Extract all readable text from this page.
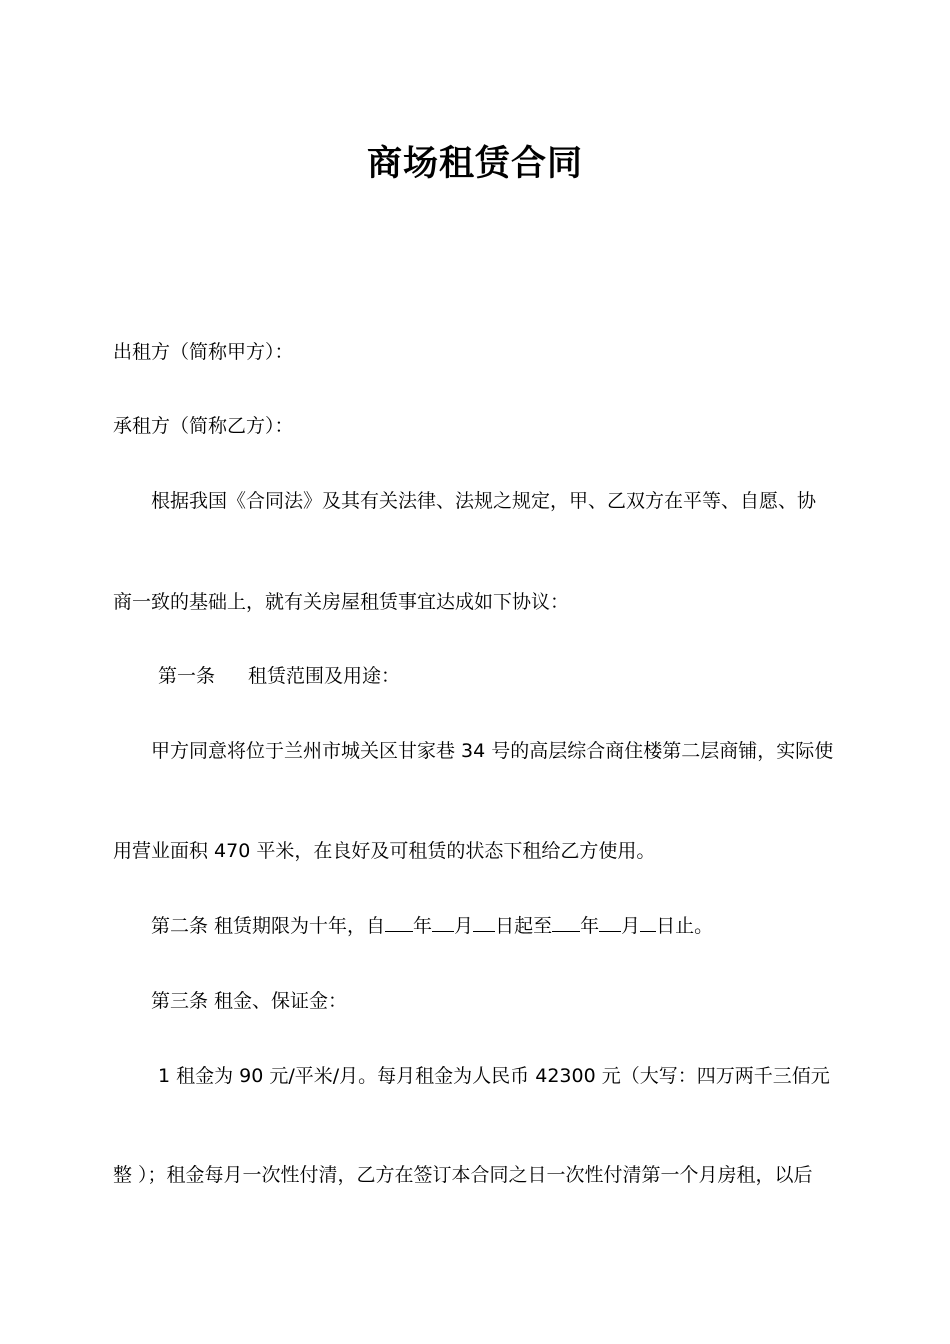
商场租赁合同
出租方（简称甲方）：
承租方（简称乙方）：
根据我国《合同法》及其有关法律、法规之规定，甲、乙双方在平等、自愿、协
商一致的基础上，就有关房屋租赁事宜达成如下协议：
第一条 租赁范围及用途：
甲方同意将位于兰州市城关区甘家巷 34 号的高层综合商住楼第二层商铺，实际使
用营业面积 470 平米，在良好及可租赁的状态下租给乙方使用。
第二条 租赁期限为十年，自 年 月 日起至 年 月 日止。
第三条 租金、保证金：
1 租金为 90 元/平米/月。每月租金为人民币 42300 元（大写：四万两千三佰元
整 ）；租金每月一次性付清，乙方在签订本合同之日一次性付清第一个月房租，以后
